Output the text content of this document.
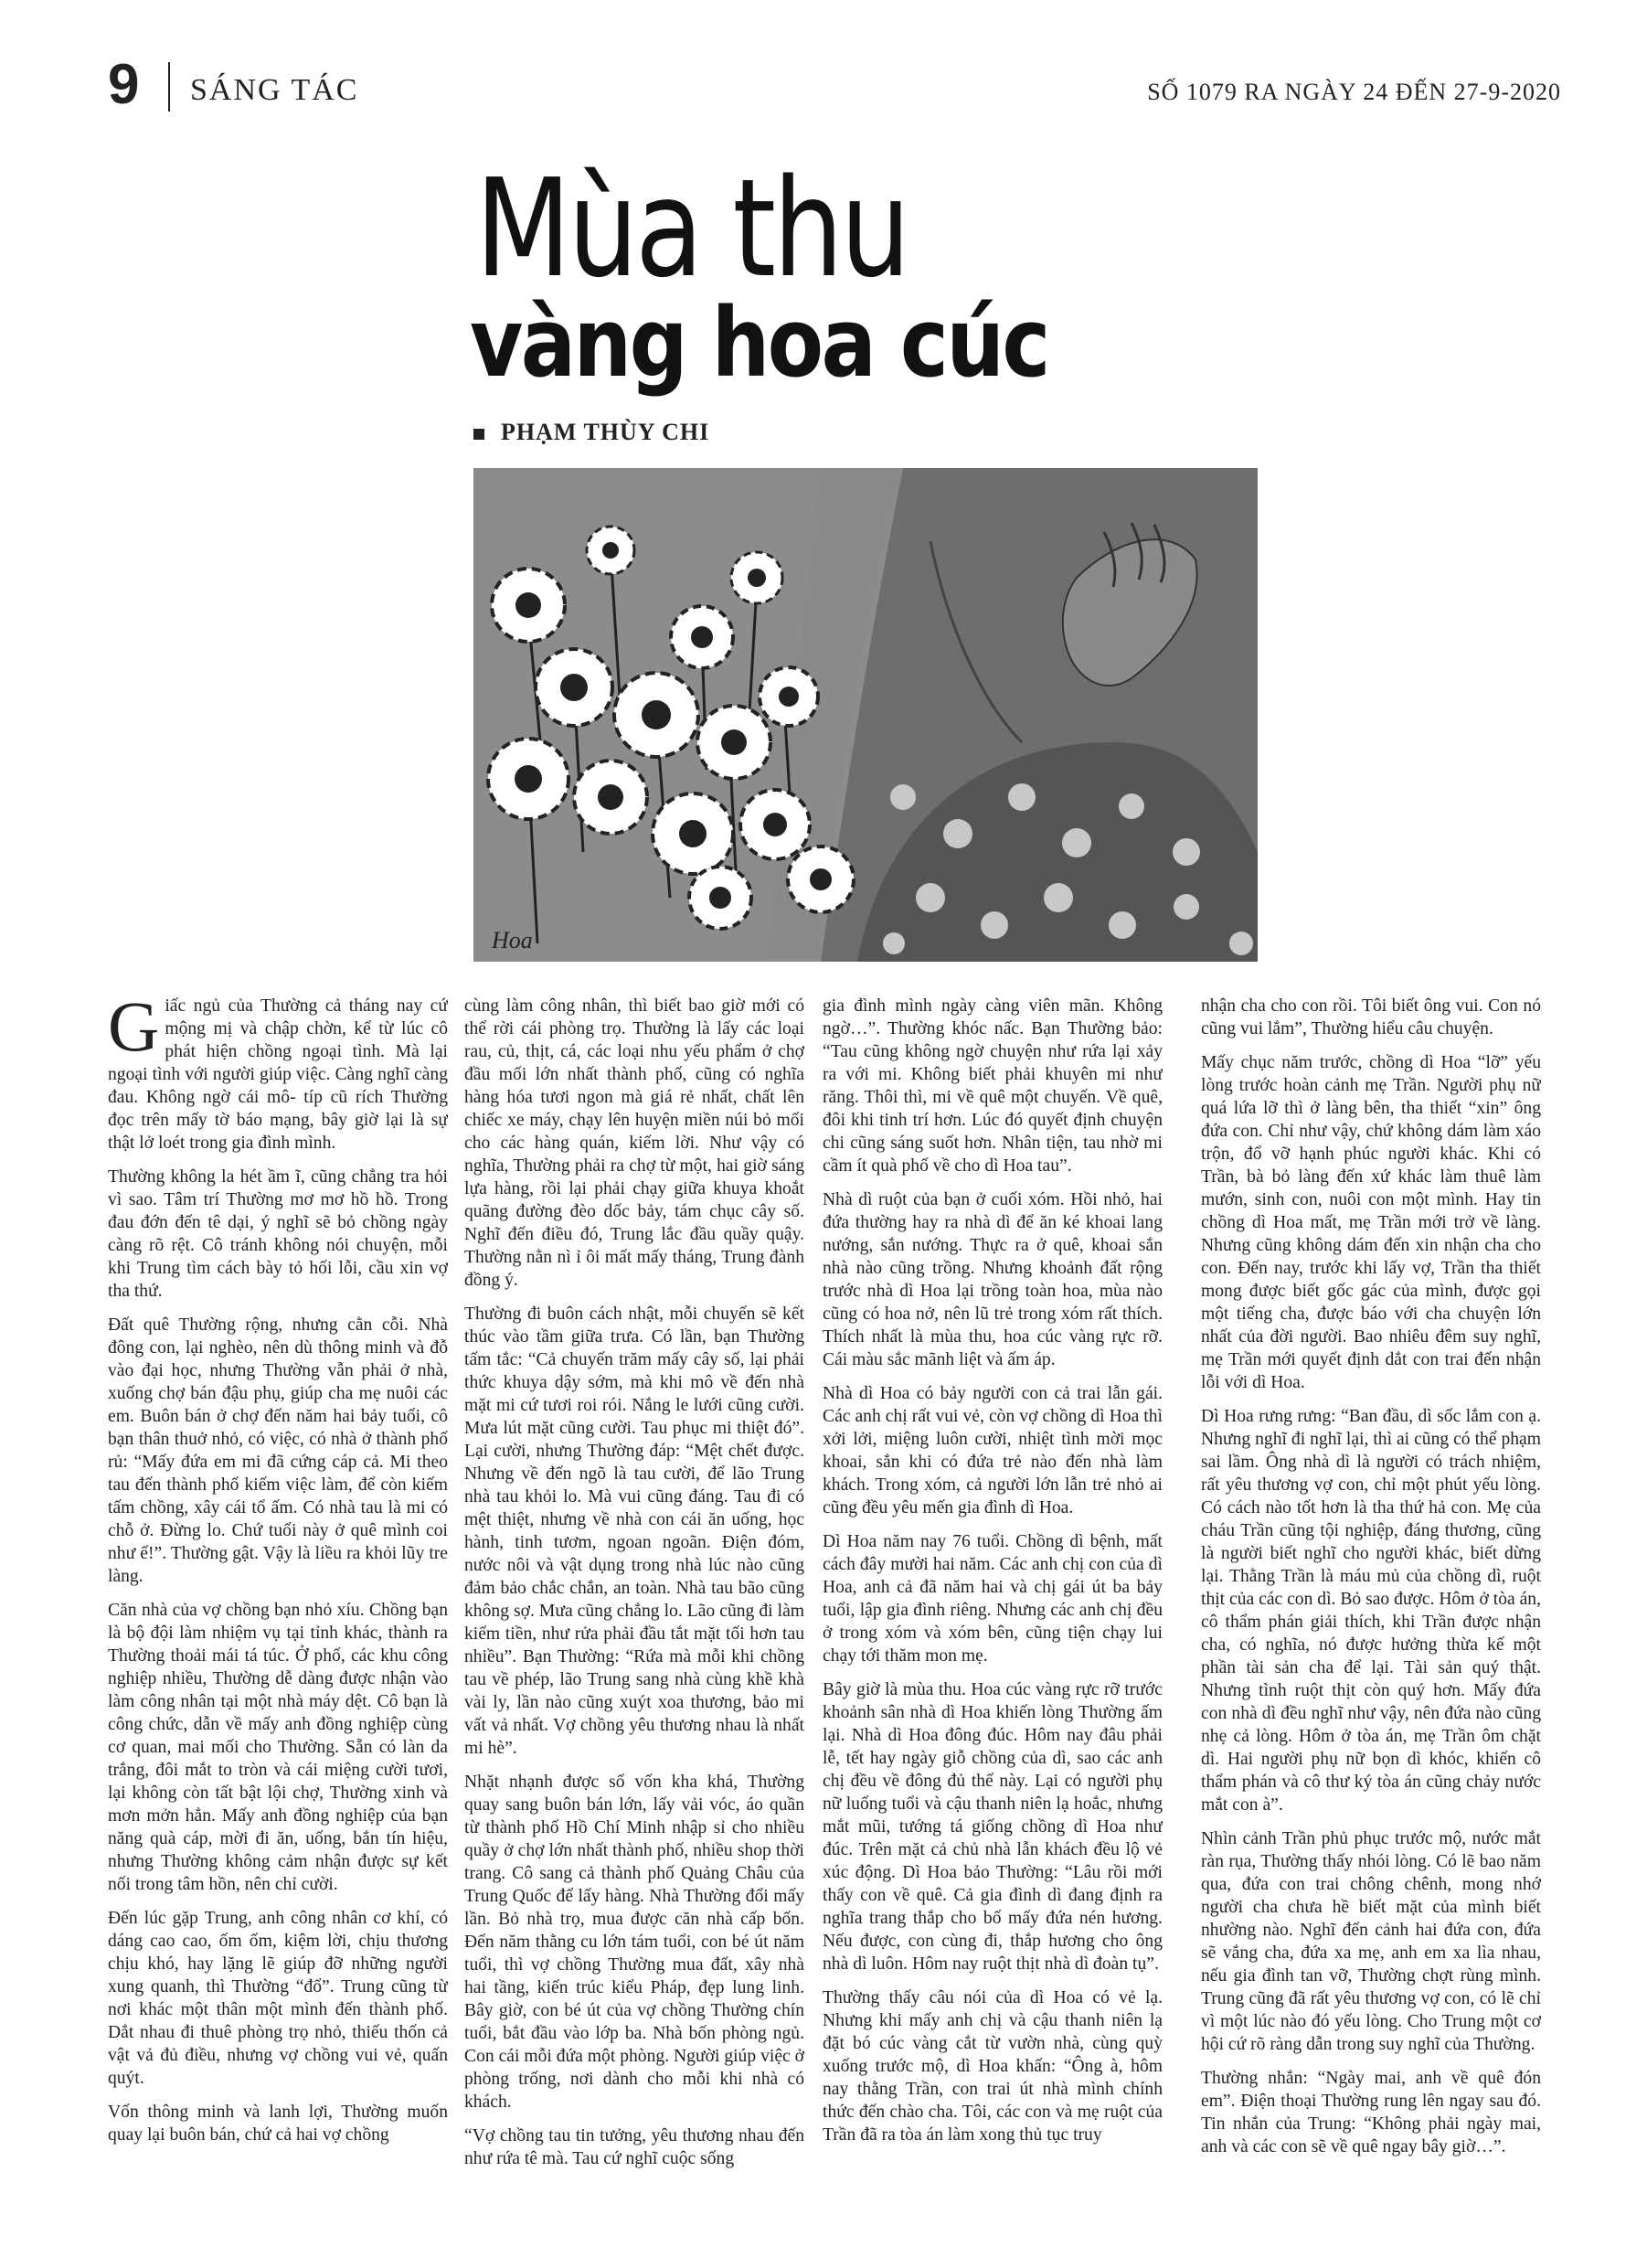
9 SÁNG TÁC	SỐ 1079 RA NGÀY 24 ĐẾN 27-9-2020
Mùa thu
vàng hoa cúc
PHẠM THÙY CHI
Hoa

Giấc ngủ của Thường cả tháng nay cứ mộng mị và chập chờn, kể từ lúc cô phát hiện chồng ngoại tình. Mà lại ngoại tình với người giúp việc. Càng nghĩ càng đau. Không ngờ cái mô- típ cũ rích Thường đọc trên mấy tờ báo mạng, bây giờ lại là sự thật lở loét trong gia đình mình.

Thường không la hét ầm ĩ, cũng chẳng tra hỏi vì sao. Tâm trí Thường mơ mơ hồ hồ. Trong đau đớn đến tê dại, ý nghĩ sẽ bỏ chồng ngày càng rõ rệt. Cô tránh không nói chuyện, mỗi khi Trung tìm cách bày tỏ hối lỗi, cầu xin vợ tha thứ.

Đất quê Thường rộng, nhưng cằn cỗi. Nhà đông con, lại nghèo, nên dù thông minh và đỗ vào đại học, nhưng Thường vẫn phải ở nhà, xuống chợ bán đậu phụ, giúp cha mẹ nuôi các em. Buôn bán ở chợ đến năm hai bảy tuổi, cô bạn thân thuở nhỏ, có việc, có nhà ở thành phố rủ: “Mấy đứa em mi đã cứng cáp cả. Mi theo tau đến thành phố kiếm việc làm, để còn kiếm tấm chồng, xây cái tổ ấm. Có nhà tau là mi có chỗ ở. Đừng lo. Chứ tuổi này ở quê mình coi như ế!”. Thường gật. Vậy là liều ra khỏi lũy tre làng.

Căn nhà của vợ chồng bạn nhỏ xíu. Chồng bạn là bộ đội làm nhiệm vụ tại tỉnh khác, thành ra Thường thoải mái tá túc. Ở phố, các khu công nghiệp nhiều, Thường dễ dàng được nhận vào làm công nhân tại một nhà máy dệt. Cô bạn là công chức, dẫn về mấy anh đồng nghiệp cùng cơ quan, mai mối cho Thường. Sẵn có làn da trắng, đôi mắt to tròn và cái miệng cười tươi, lại không còn tất bật lội chợ, Thường xinh và mơn mởn hẳn. Mấy anh đồng nghiệp của bạn năng quà cáp, mời đi ăn, uống, bắn tín hiệu, nhưng Thường không cảm nhận được sự kết nối trong tâm hồn, nên chỉ cười.

Đến lúc gặp Trung, anh công nhân cơ khí, có dáng cao cao, ốm ốm, kiệm lời, chịu thương chịu khó, hay lặng lẽ giúp đỡ những người xung quanh, thì Thường “đổ”. Trung cũng từ nơi khác một thân một mình đến thành phố. Dắt nhau đi thuê phòng trọ nhỏ, thiếu thốn cả vật vả đủ điều, nhưng vợ chồng vui vẻ, quấn quýt.

Vốn thông minh và lanh lợi, Thường muốn quay lại buôn bán, chứ cả hai vợ chồng

cùng làm công nhân, thì biết bao giờ mới có thể rời cái phòng trọ. Thường là lấy các loại rau, củ, thịt, cá, các loại nhu yếu phẩm ở chợ đầu mối lớn nhất thành phố, cũng có nghĩa hàng hóa tươi ngon mà giá rẻ nhất, chất lên chiếc xe máy, chạy lên huyện miền núi bỏ mối cho các hàng quán, kiếm lời. Như vậy có nghĩa, Thường phải ra chợ từ một, hai giờ sáng lựa hàng, rồi lại phải chạy giữa khuya khoắt quãng đường đèo dốc bảy, tám chục cây số. Nghĩ đến điều đó, Trung lắc đầu quầy quậy. Thường nằn nì ỉ ôi mất mấy tháng, Trung đành đồng ý.

Thường đi buôn cách nhật, mỗi chuyến sẽ kết thúc vào tầm giữa trưa. Có lần, bạn Thường tấm tắc: “Cả chuyến trăm mấy cây số, lại phải thức khuya dậy sớm, mà khi mô về đến nhà mặt mi cứ tươi roi rói. Nắng le lưới cũng cười. Mưa lút mặt cũng cười. Tau phục mi thiệt đó”. Lại cười, nhưng Thường đáp: “Mệt chết được. Nhưng về đến ngõ là tau cười, để lão Trung nhà tau khỏi lo. Mà vui cũng đáng. Tau đi có mệt thiệt, nhưng về nhà con cái ăn uống, học hành, tinh tươm, ngoan ngoãn. Điện đóm, nước nôi và vật dụng trong nhà lúc nào cũng đảm bảo chắc chắn, an toàn. Nhà tau bão cũng không sợ. Mưa cũng chẳng lo. Lão cũng đi làm kiếm tiền, như rửa phải đầu tắt mặt tối hơn tau nhiều”. Bạn Thường: “Rứa mà mỗi khi chồng tau về phép, lão Trung sang nhà cùng khề khà vài ly, lần nào cũng xuýt xoa thương, bảo mi vất vả nhất. Vợ chồng yêu thương nhau là nhất mi hè”.

Nhặt nhạnh được số vốn kha khá, Thường quay sang buôn bán lớn, lấy vải vóc, áo quần từ thành phố Hồ Chí Minh nhập sỉ cho nhiều quầy ở chợ lớn nhất thành phố, nhiều shop thời trang. Cô sang cả thành phố Quảng Châu của Trung Quốc để lấy hàng. Nhà Thường đổi mấy lần. Bỏ nhà trọ, mua được căn nhà cấp bốn. Đến năm thằng cu lớn tám tuổi, con bé út năm tuổi, thì vợ chồng Thường mua đất, xây nhà hai tầng, kiến trúc kiểu Pháp, đẹp lung linh. Bây giờ, con bé út của vợ chồng Thường chín tuổi, bắt đầu vào lớp ba. Nhà bốn phòng ngủ. Con cái mỗi đứa một phòng. Người giúp việc ở phòng trống, nơi dành cho mỗi khi nhà có khách.

“Vợ chồng tau tin tưởng, yêu thương nhau đến như rứa tê mà. Tau cứ nghĩ cuộc sống

gia đình mình ngày càng viên mãn. Không ngờ…”. Thường khóc nấc. Bạn Thường bảo: “Tau cũng không ngờ chuyện như rứa lại xảy ra với mi. Không biết phải khuyên mi như răng. Thôi thì, mi về quê một chuyến. Về quê, đôi khi tinh trí hơn. Lúc đó quyết định chuyện chi cũng sáng suốt hơn. Nhân tiện, tau nhờ mi cầm ít quà phố về cho dì Hoa tau”.

Nhà dì ruột của bạn ở cuối xóm. Hồi nhỏ, hai đứa thường hay ra nhà dì để ăn ké khoai lang nướng, sắn nướng. Thực ra ở quê, khoai sắn nhà nào cũng trồng. Nhưng khoảnh đất rộng trước nhà dì Hoa lại trồng toàn hoa, mùa nào cũng có hoa nở, nên lũ trẻ trong xóm rất thích. Thích nhất là mùa thu, hoa cúc vàng rực rỡ. Cái màu sắc mãnh liệt và ấm áp.

Nhà dì Hoa có bảy người con cả trai lẫn gái. Các anh chị rất vui vẻ, còn vợ chồng dì Hoa thì xởi lởi, miệng luôn cười, nhiệt tình mời mọc khoai, sắn khi có đứa trẻ nào đến nhà làm khách. Trong xóm, cả người lớn lẫn trẻ nhỏ ai cũng đều yêu mến gia đình dì Hoa.

Dì Hoa năm nay 76 tuổi. Chồng dì bệnh, mất cách đây mười hai năm. Các anh chị con của dì Hoa, anh cả đã năm hai và chị gái út ba bảy tuổi, lập gia đình riêng. Nhưng các anh chị đều ở trong xóm và xóm bên, cũng tiện chạy lui chạy tới thăm mon mẹ.

Bây giờ là mùa thu. Hoa cúc vàng rực rỡ trước khoảnh sân nhà dì Hoa khiến lòng Thường ấm lại. Nhà dì Hoa đông đúc. Hôm nay đâu phải lễ, tết hay ngày giỗ chồng của dì, sao các anh chị đều về đông đủ thế này. Lại có người phụ nữ luống tuổi và cậu thanh niên lạ hoắc, nhưng mắt mũi, tướng tá giống chồng dì Hoa như đúc. Trên mặt cả chủ nhà lẫn khách đều lộ vẻ xúc động. Dì Hoa bảo Thường: “Lâu rồi mới thấy con về quê. Cả gia đình dì đang định ra nghĩa trang thắp cho bố mấy đứa nén hương. Nếu được, con cùng đi, thắp hương cho ông nhà dì luôn. Hôm nay ruột thịt nhà dì đoàn tụ”.

Thường thấy câu nói của dì Hoa có vẻ lạ. Nhưng khi mấy anh chị và cậu thanh niên lạ đặt bó cúc vàng cắt từ vườn nhà, cùng quỳ xuống trước mộ, dì Hoa khấn: “Ông à, hôm nay thằng Trần, con trai út nhà mình chính thức đến chào cha. Tôi, các con và mẹ ruột của Trần đã ra tòa án làm xong thủ tục truy

nhận cha cho con rồi. Tôi biết ông vui. Con nó cũng vui lắm”, Thường hiểu câu chuyện.

Mấy chục năm trước, chồng dì Hoa “lỡ” yếu lòng trước hoàn cảnh mẹ Trần. Người phụ nữ quá lứa lỡ thì ở làng bên, tha thiết “xin” ông đứa con. Chỉ như vậy, chứ không dám làm xáo trộn, đổ vỡ hạnh phúc người khác. Khi có Trần, bà bỏ làng đến xứ khác làm thuê làm mướn, sinh con, nuôi con một mình. Hay tin chồng dì Hoa mất, mẹ Trần mới trở về làng. Nhưng cũng không dám đến xin nhận cha cho con. Đến nay, trước khi lấy vợ, Trần tha thiết mong được biết gốc gác của mình, được gọi một tiếng cha, được báo với cha chuyện lớn nhất của đời người. Bao nhiêu đêm suy nghĩ, mẹ Trần mới quyết định dắt con trai đến nhận lỗi với dì Hoa.

Dì Hoa rưng rưng: “Ban đầu, dì sốc lắm con ạ. Nhưng nghĩ đi nghĩ lại, thì ai cũng có thể phạm sai lầm. Ông nhà dì là người có trách nhiệm, rất yêu thương vợ con, chỉ một phút yếu lòng. Có cách nào tốt hơn là tha thứ hả con. Mẹ của cháu Trần cũng tội nghiệp, đáng thương, cũng là người biết nghĩ cho người khác, biết dừng lại. Thằng Trần là máu mủ của chồng dì, ruột thịt của các con dì. Bỏ sao được. Hôm ở tòa án, cô thẩm phán giải thích, khi Trần được nhận cha, có nghĩa, nó được hưởng thừa kế một phần tài sản cha để lại. Tài sản quý thật. Nhưng tình ruột thịt còn quý hơn. Mấy đứa con nhà dì đều nghĩ như vậy, nên đứa nào cũng nhẹ cả lòng. Hôm ở tòa án, mẹ Trần ôm chặt dì. Hai người phụ nữ bọn dì khóc, khiến cô thẩm phán và cô thư ký tòa án cũng chảy nước mắt con à”.

Nhìn cảnh Trần phủ phục trước mộ, nước mắt ràn rụa, Thường thấy nhói lòng. Có lẽ bao năm qua, đứa con trai chông chênh, mong nhớ người cha chưa hề biết mặt của mình biết nhường nào. Nghĩ đến cảnh hai đứa con, đứa sẽ vắng cha, đứa xa mẹ, anh em xa lìa nhau, nếu gia đình tan vỡ, Thường chợt rùng mình. Trung cũng đã rất yêu thương vợ con, có lẽ chỉ vì một lúc nào đó yếu lòng. Cho Trung một cơ hội cứ rõ ràng dẫn trong suy nghĩ của Thường.

Thường nhắn: “Ngày mai, anh về quê đón em”. Điện thoại Thường rung lên ngay sau đó. Tin nhắn của Trung: “Không phải ngày mai, anh và các con sẽ về quê ngay bây giờ…”.
